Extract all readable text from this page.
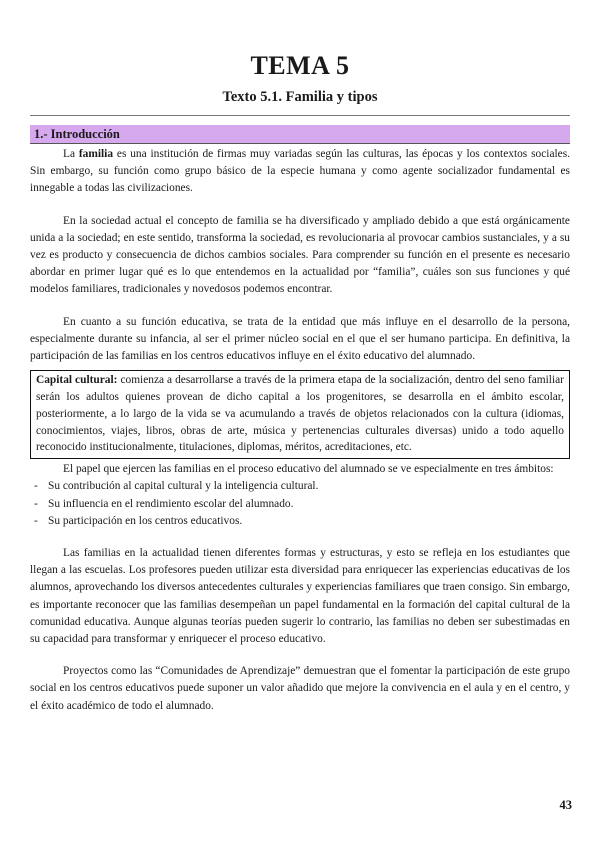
TEMA 5
Texto 5.1. Familia y tipos
1.- Introducción

La familia es una institución de firmas muy variadas según las culturas, las épocas y los contextos sociales. Sin embargo, su función como grupo básico de la especie humana y como agente socializador fundamental es innegable a todas las civilizaciones.

En la sociedad actual el concepto de familia se ha diversificado y ampliado debido a que está orgánicamente unida a la sociedad; en este sentido, transforma la sociedad, es revolucionaria al provocar cambios sustanciales, y a su vez es producto y consecuencia de dichos cambios sociales. Para comprender su función en el presente es necesario abordar en primer lugar qué es lo que entendemos en la actualidad por “familia”, cuáles son sus funciones y qué modelos familiares, tradicionales y novedosos podemos encontrar.

En cuanto a su función educativa, se trata de la entidad que más influye en el desarrollo de la persona, especialmente durante su infancia, al ser el primer núcleo social en el que el ser humano participa. En definitiva, la participación de las familias en los centros educativos influye en el éxito educativo del alumnado.

Capital cultural: comienza a desarrollarse a través de la primera etapa de la socialización, dentro del seno familiar serán los adultos quienes provean de dicho capital a los progenitores, se desarrolla en el ámbito escolar, posteriormente, a lo largo de la vida se va acumulando a través de objetos relacionados con la cultura (idiomas, conocimientos, viajes, libros, obras de arte, música y pertenencias culturales diversas) unido a todo aquello reconocido institucionalmente, titulaciones, diplomas, méritos, acreditaciones, etc.

El papel que ejercen las familias en el proceso educativo del alumnado se ve especialmente en tres ámbitos:

- Su contribución al capital cultural y la inteligencia cultural.
- Su influencia en el rendimiento escolar del alumnado.
- Su participación en los centros educativos.

Las familias en la actualidad tienen diferentes formas y estructuras, y esto se refleja en los estudiantes que llegan a las escuelas. Los profesores pueden utilizar esta diversidad para enriquecer las experiencias educativas de los alumnos, aprovechando los diversos antecedentes culturales y experiencias familiares que traen consigo. Sin embargo, es importante reconocer que las familias desempeñan un papel fundamental en la formación del capital cultural de la comunidad educativa. Aunque algunas teorías pueden sugerir lo contrario, las familias no deben ser subestimadas en su capacidad para transformar y enriquecer el proceso educativo.

Proyectos como las “Comunidades de Aprendizaje” demuestran que el fomentar la participación de este grupo social en los centros educativos puede suponer un valor añadido que mejore la convivencia en el aula y en el centro, y el éxito académico de todo el alumnado.

43
